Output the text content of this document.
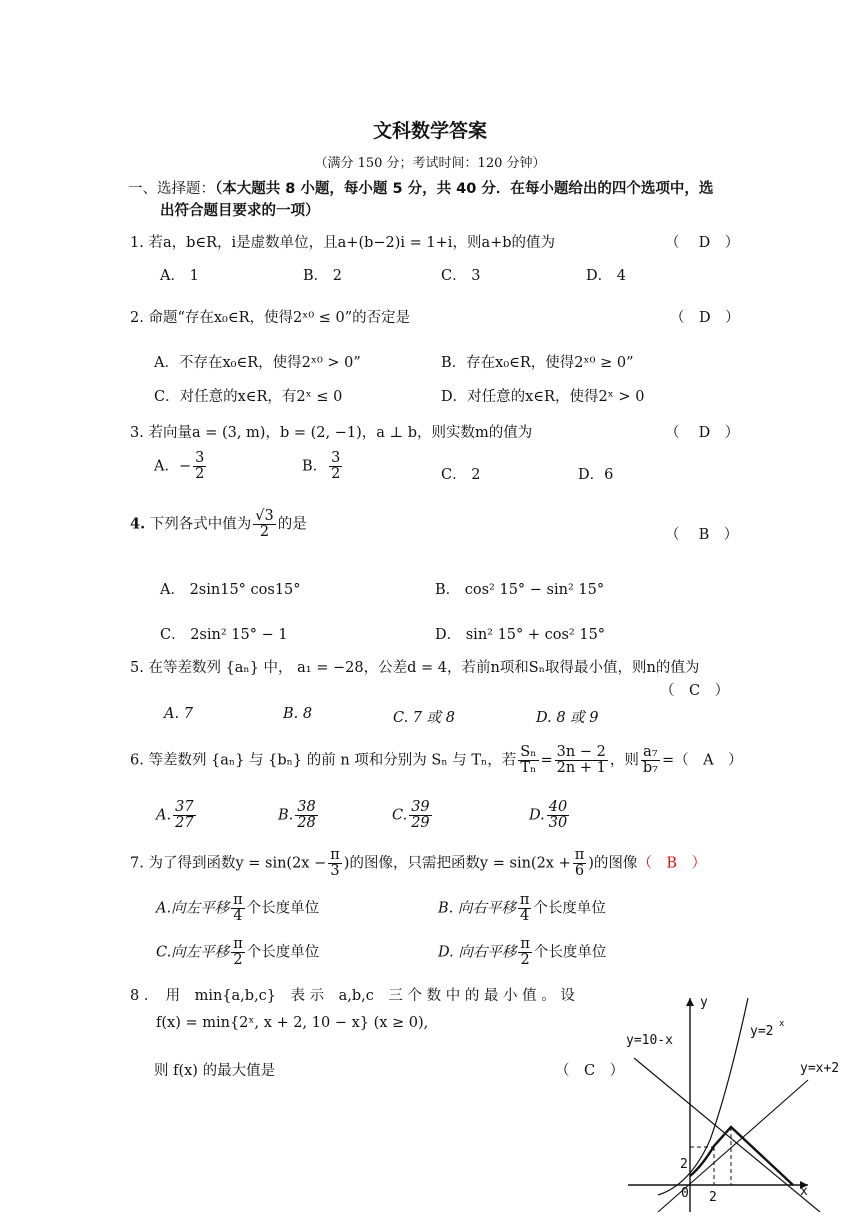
文科数学答案
（满分 150 分；考试时间：120 分钟）
一、选择题：（本大题共 8 小题，每小题 5 分，共 40 分．在每小题给出的四个选项中，选
出符合题目要求的一项）
1. 若a，b∈R，i是虚数单位，且a+(b−2)i = 1+i，则a+b的值为	（　 D　）
A． 1	B． 2	C． 3	D． 4
2. 命题“存在x₀∈R，使得2ˣ⁰ ≤ 0”的否定是	（　D　）
A．不存在x₀∈R，使得2ˣ⁰ > 0”	B．存在x₀∈R，使得2ˣ⁰ ≥ 0”
C．对任意的x∈R，有2ˣ ≤ 0	D．对任意的x∈R，使得2ˣ > 0
3. 若向量a = (3, m)，b = (2, −1)，a ⊥ b，则实数m的值为	（　 D　）
A．− $\frac{3}{2}$	B． $\frac{3}{2}$	C． 2	D．6
4. 下列各式中值为 $\frac{√3}{2}$ 的是
（　 B　）
A． 2sin15° cos15°	B． cos² 15° − sin² 15°
C． 2sin² 15° − 1	D． sin² 15° + cos² 15°
5. 在等差数列 {aₙ} 中， a₁ = −28，公差d = 4，若前n项和Sₙ取得最小值，则n的值为
（　C　）
A. 7	B. 8	C. 7 或 8	D. 8 或 9
6. 等差数列 {aₙ} 与 {bₙ} 的前 n 项和分别为 Sₙ 与 Tₙ，若 $\frac{\text{Sₙ}}{\text{Tₙ}} = \frac{3n - 2}{2n + 1}$ ，则 $\frac{\text{a₇}}{\text{b₇}}$ =（　A　）
A. $\frac{37}{27}$	B. $\frac{38}{28}$	C. $\frac{39}{29}$	D. $\frac{40}{30}$
7. 为了得到函数$y = \sin(2x - \frac{\pi}{3}$ )的图像，只需把函数$y = \sin(2x + \frac{\pi}{6}$ )的图像（　B　）
A.向左平移 $\frac{\pi}{4}$ 个长度单位	B. 向右平移 $\frac{\pi}{4}$ 个长度单位
C.向左平移 $\frac{\pi}{2}$ 个长度单位	D. 向右平移 $\frac{\pi}{2}$ 个长度单位
8 ．　用　min{a,b,c}　表 示　a,b,c　三 个 数 中 的 最 小 值 。 设
f(x) = min{2ˣ, x + 2, 10 − x} (x ≥ 0),
则 f(x) 的最大值是	（　C　）
y
x
0 2
2
y=10-x
y=2 x
y=x+2
